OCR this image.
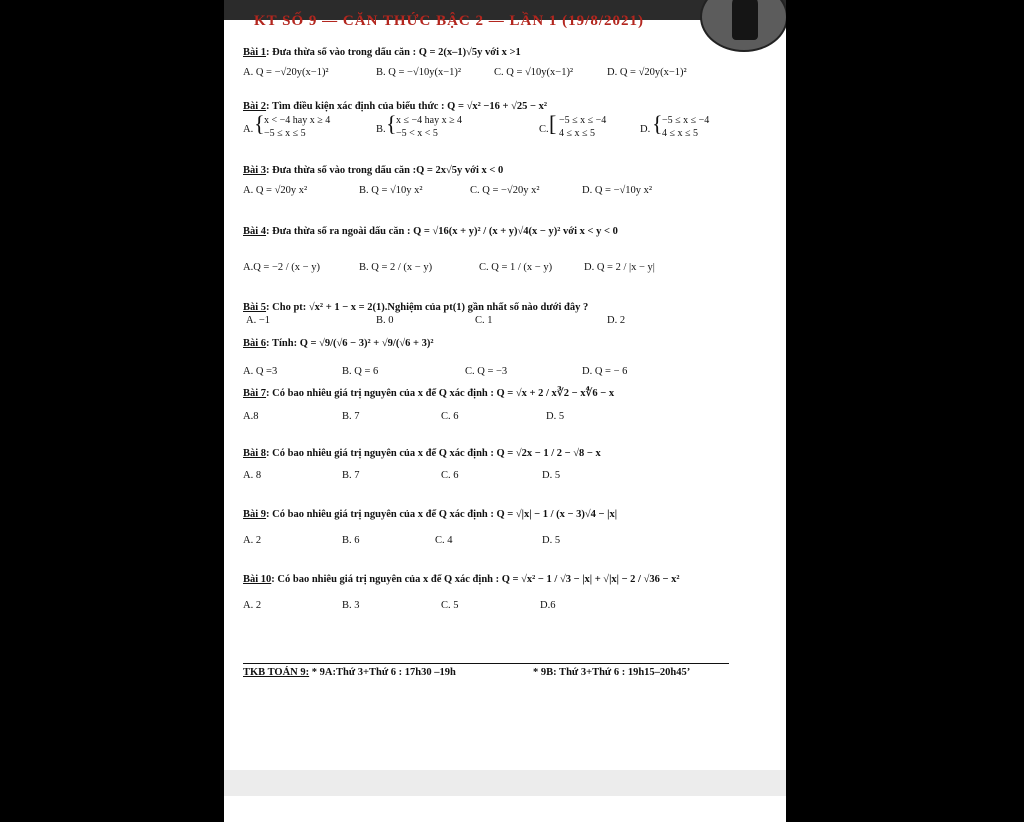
KT SỐ 9 — CĂN THỨC BẬC 2 — LẦN 1 (19/8/2021)
Bài 1: Đưa thừa số vào trong dấu căn : Q = 2(x–1)√5y với x >1
A. Q = −√20y(x−1)²	B. Q = −√10y(x−1)²	C. Q = √10y(x−1)²	D. Q = √20y(x−1)²
Bài 2: Tìm điều kiện xác định của biểu thức : Q = √x² −16 + √25 − x²
A. { x < −4 hay x ≥ 4
−5 ≤ x ≤ 5	B. { x ≤ −4 hay x ≥ 4
−5 < x < 5	C. [ −5 ≤ x ≤ −4
4 ≤ x ≤ 5	D. { −5 ≤ x ≤ −4
4 ≤ x ≤ 5
Bài 3: Đưa thừa số vào trong dấu căn :Q = 2x√5y với x < 0
A. Q = √20y x²	B. Q = √10y x²	C. Q = −√20y x²	D. Q = −√10y x²
Bài 4: Đưa thừa số ra ngoài dấu căn : Q = √16(x + y)² / (x + y)√4(x − y)² với x < y < 0
A.Q = −2 / (x − y)	B. Q = 2 / (x − y)	C. Q = 1 / (x − y)	D. Q = 2 / |x − y|
Bài 5: Cho pt: √x² + 1 − x = 2(1).Nghiệm của pt(1) gần nhất số nào dưới đây ?
A. −1	B. 0	C. 1	D. 2
Bài 6: Tính: Q = √9/(√6 − 3)² + √9/(√6 + 3)²
A. Q =3	B. Q = 6	C. Q = −3	D. Q = − 6
Bài 7: Có bao nhiêu giá trị nguyên của x để Q xác định : Q = √x + 2 / x∛2 − x∜6 − x
A.8	B. 7	C. 6	D. 5
Bài 8: Có bao nhiêu giá trị nguyên của x để Q xác định : Q = √2x − 1 / 2 − √8 − x
A. 8	B. 7	C. 6	D. 5
Bài 9: Có bao nhiêu giá trị nguyên của x để Q xác định : Q = √|x| − 1 / (x − 3)√4 − |x|
A. 2	B. 6	C. 4	D. 5
Bài 10: Có bao nhiêu giá trị nguyên của x để Q xác định : Q = √x² − 1 / √3 − |x| + √|x| − 2 / √36 − x²
A. 2	B. 3	C. 5	D.6
TKB TOÁN 9: * 9A:Thứ 3+Thứ 6 : 17h30 –19h	* 9B: Thứ 3+Thứ 6 : 19h15–20h45’
